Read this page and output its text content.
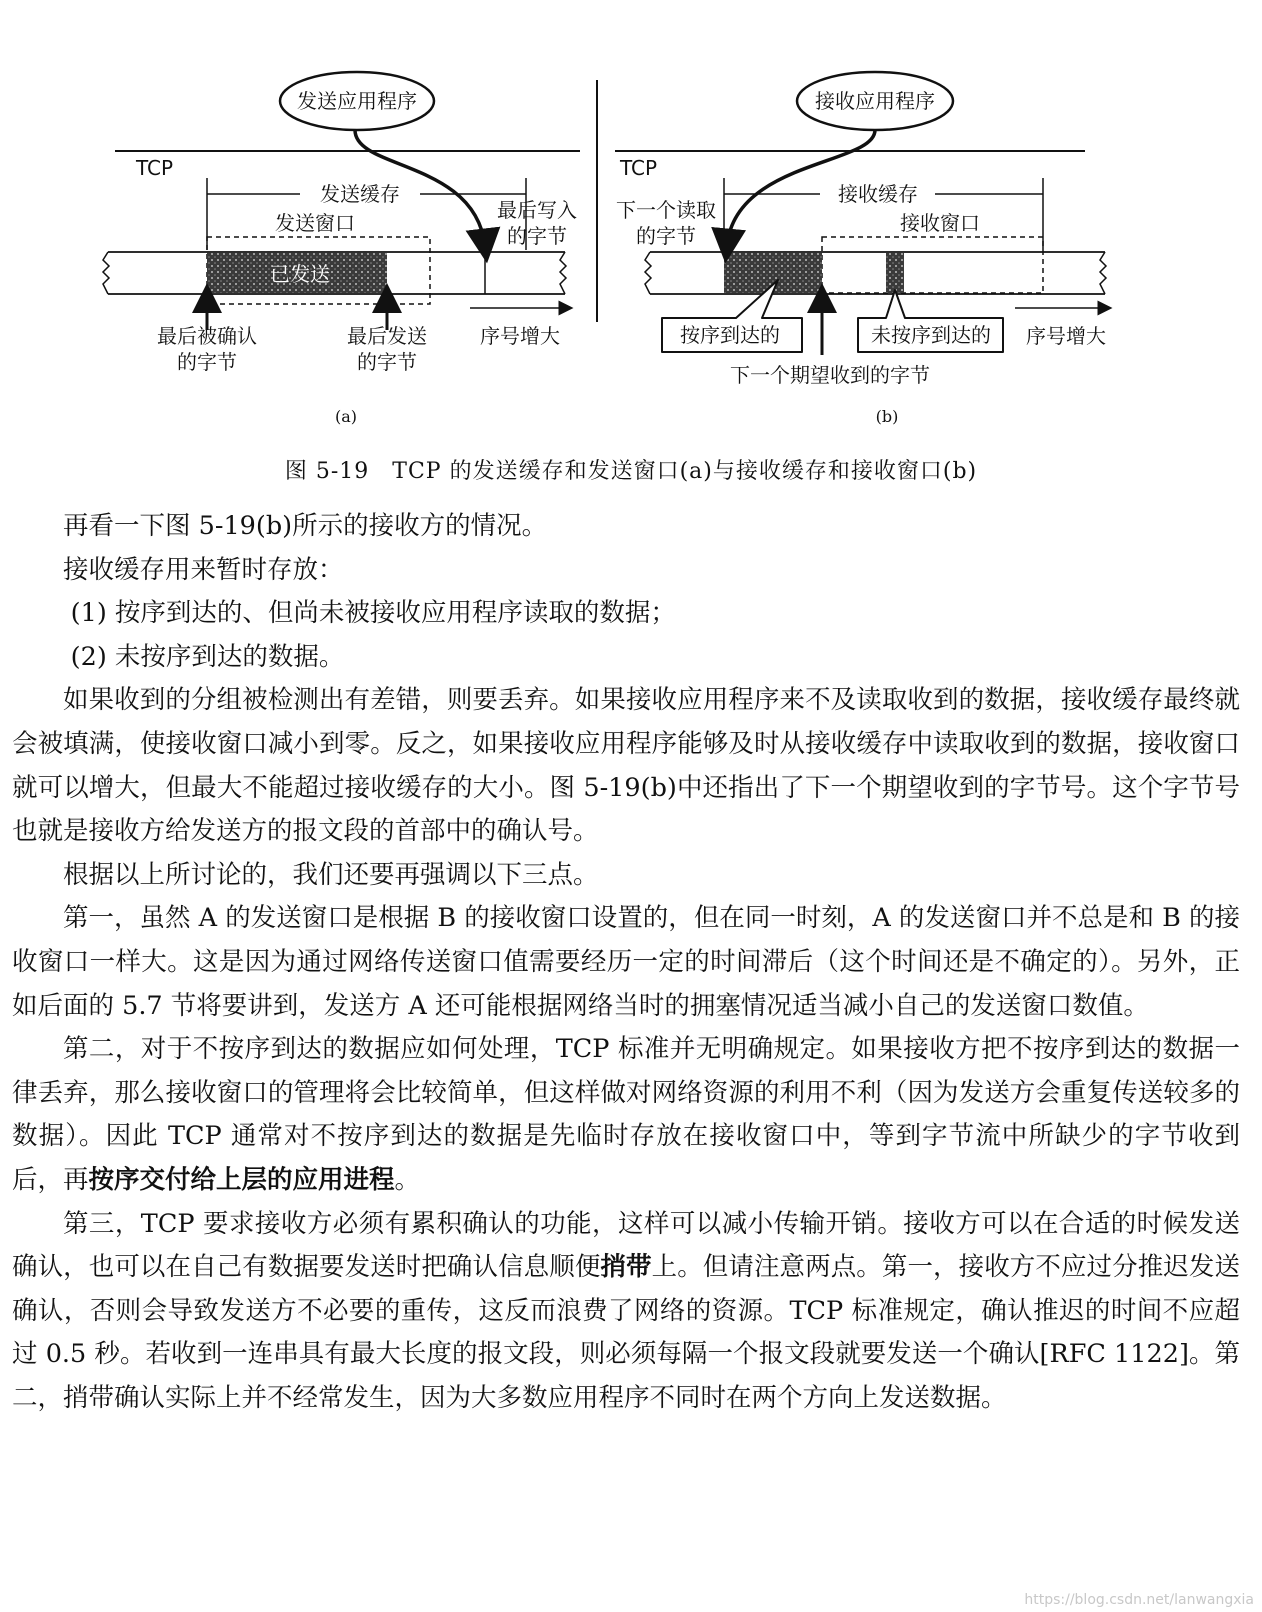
发送应用程序
TCP
发送缓存
发送窗口
已发送
最后写入
的字节
最后被确认
的字节
最后发送
的字节
序号增大
(a)
接收应用程序
TCP
接收缓存
接收窗口
下一个读取
的字节
按序到达的	未按序到达的
下一个期望收到的字节
序号增大
(b)
图 5-19　TCP 的发送缓存和发送窗口(a)与接收缓存和接收窗口(b)

再看一下图 5-19(b)所示的接收方的情况。

接收缓存用来暂时存放：

(1) 按序到达的、但尚未被接收应用程序读取的数据；

(2) 未按序到达的数据。

如果收到的分组被检测出有差错，则要丢弃。如果接收应用程序来不及读取收到的数据，接收缓存最终就会被填满，使接收窗口减小到零。反之，如果接收应用程序能够及时从接收缓存中读取收到的数据，接收窗口就可以增大，但最大不能超过接收缓存的大小。图 5-19(b)中还指出了下一个期望收到的字节号。这个字节号也就是接收方给发送方的报文段的首部中的确认号。

根据以上所讨论的，我们还要再强调以下三点。

第一，虽然 A 的发送窗口是根据 B 的接收窗口设置的，但在同一时刻，A 的发送窗口并不总是和 B 的接收窗口一样大。这是因为通过网络传送窗口值需要经历一定的时间滞后（这个时间还是不确定的）。另外，正如后面的 5.7 节将要讲到，发送方 A 还可能根据网络当时的拥塞情况适当减小自己的发送窗口数值。

第二，对于不按序到达的数据应如何处理，TCP 标准并无明确规定。如果接收方把不按序到达的数据一律丢弃，那么接收窗口的管理将会比较简单，但这样做对网络资源的利用不利（因为发送方会重复传送较多的数据）。因此 TCP 通常对不按序到达的数据是先临时存放在接收窗口中，等到字节流中所缺少的字节收到后，再按序交付给上层的应用进程。

第三，TCP 要求接收方必须有累积确认的功能，这样可以减小传输开销。接收方可以在合适的时候发送确认，也可以在自己有数据要发送时把确认信息顺便捎带上。但请注意两点。第一，接收方不应过分推迟发送确认，否则会导致发送方不必要的重传，这反而浪费了网络的资源。TCP 标准规定，确认推迟的时间不应超过 0.5 秒。若收到一连串具有最大长度的报文段，则必须每隔一个报文段就要发送一个确认[RFC 1122]。第二，捎带确认实际上并不经常发生，因为大多数应用程序不同时在两个方向上发送数据。

https://blog.csdn.net/lanwangxia
